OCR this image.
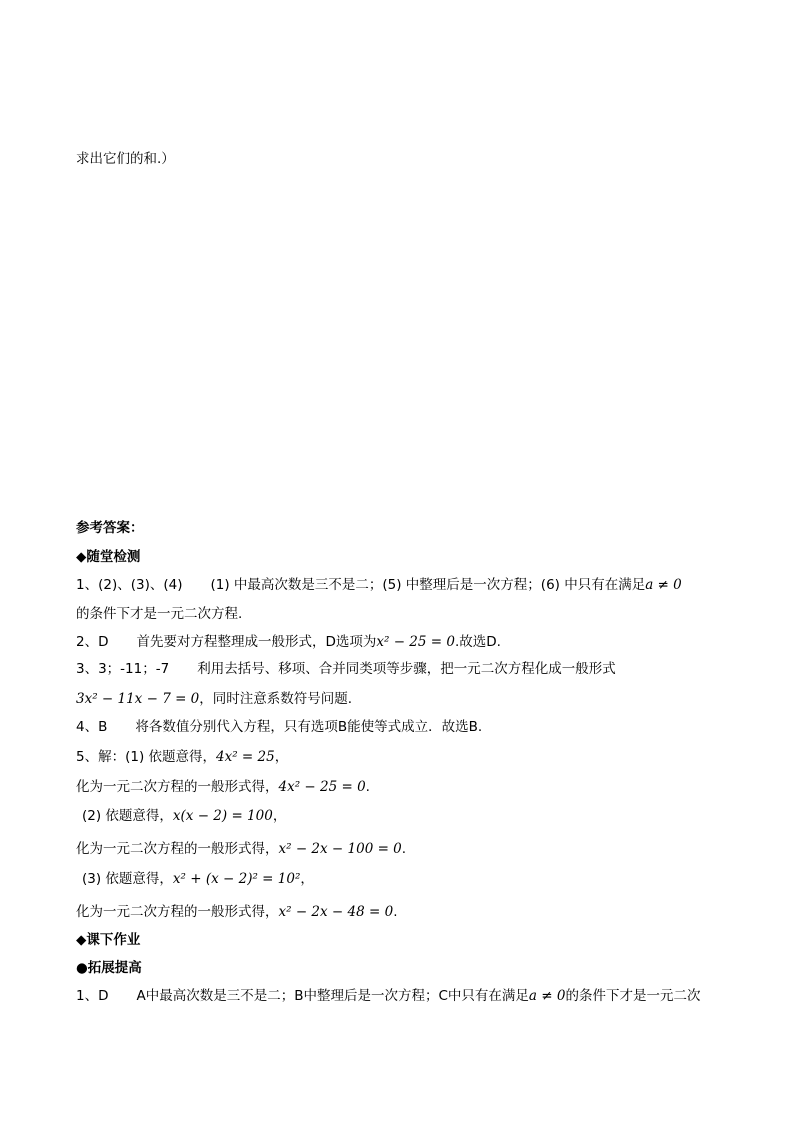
求出它们的和.）
参考答案：
◆随堂检测
1、(2)、(3)、(4) (1) 中最高次数是三不是二；(5) 中整理后是一次方程；(6) 中只有在满足a ≠ 0
的条件下才是一元二次方程.
2、D 首先要对方程整理成一般形式，D选项为x² − 25 = 0.故选D.
3、3；-11；-7 利用去括号、移项、合并同类项等步骤，把一元二次方程化成一般形式
3x² − 11x − 7 = 0，同时注意系数符号问题.
4、B 将各数值分别代入方程，只有选项B能使等式成立．故选B.
5、解：(1) 依题意得，4x² = 25，
化为一元二次方程的一般形式得，4x² − 25 = 0.
(2) 依题意得，x(x − 2) = 100，
化为一元二次方程的一般形式得，x² − 2x − 100 = 0.
(3) 依题意得，x² + (x − 2)² = 10²，
化为一元二次方程的一般形式得，x² − 2x − 48 = 0.
◆课下作业
●拓展提高
1、D A中最高次数是三不是二；B中整理后是一次方程；C中只有在满足a ≠ 0的条件下才是一元二次
